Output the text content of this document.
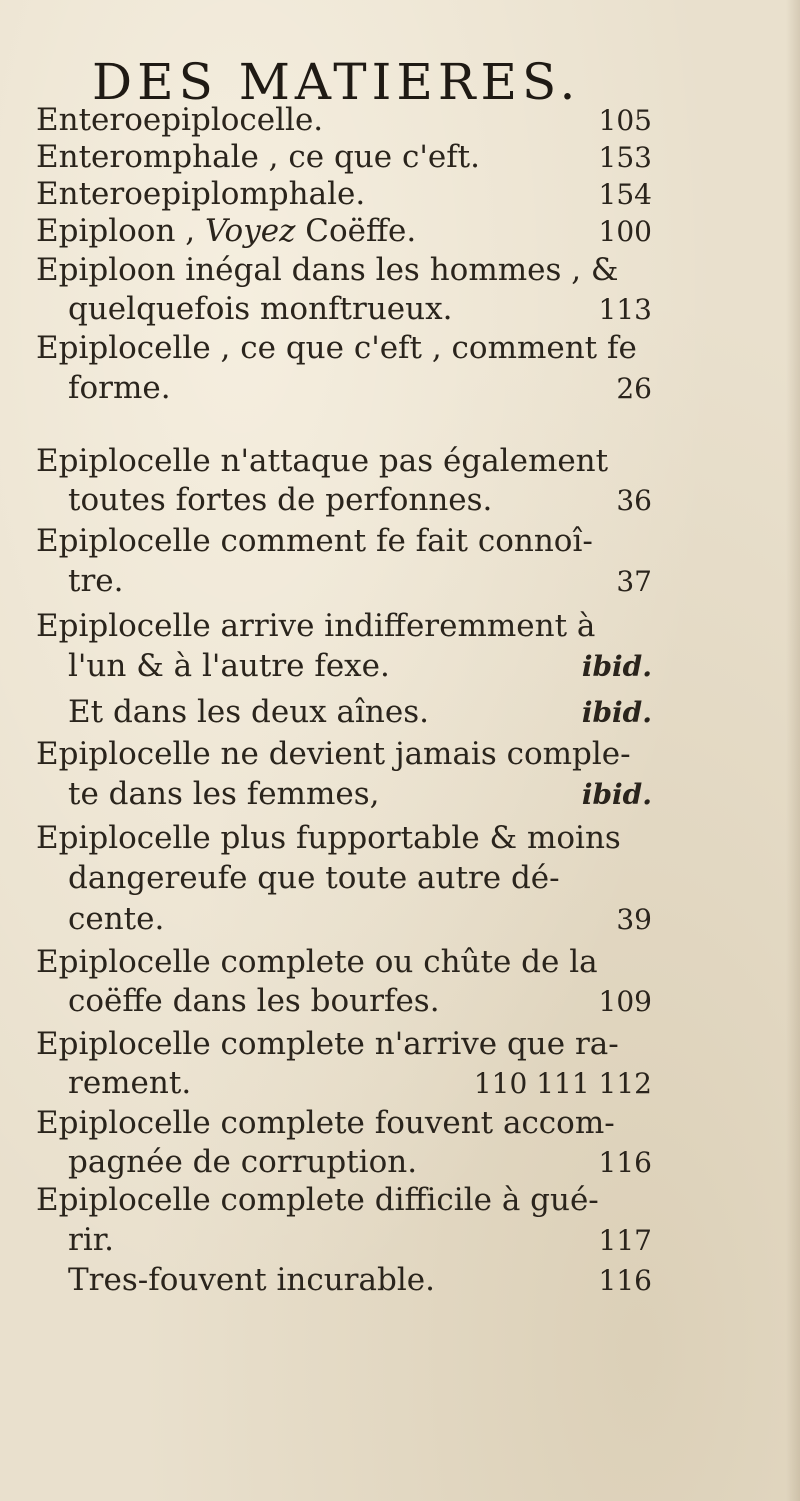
DES MATIERES.
Enteroepiplocelle.	105
Enteromphale , ce que c'eft.	153
Enteroepiplomphale.	154
Epiploon , Voyez Coëffe.	100
Epiploon inégal dans les hommes , &
quelquefois monftrueux.	113
Epiplocelle , ce que c'eft , comment fe
forme.	26
Epiplocelle n'attaque pas également
toutes fortes de perfonnes.	36
Epiplocelle comment fe fait connoî-
tre.	37
Epiplocelle arrive indifferemment à
l'un & à l'autre fexe.	ibid.
Et dans les deux aînes.	ibid.
Epiplocelle ne devient jamais comple-
te dans les femmes,	ibid.
Epiplocelle plus fupportable & moins
dangereufe que toute autre dé-
cente.	39
Epiplocelle complete ou chûte de la
coëffe dans les bourfes.	109
Epiplocelle complete n'arrive que ra-
rement.	110 111 112
Epiplocelle complete fouvent accom-
pagnée de corruption.	116
Epiplocelle complete difficile à gué-
rir.	117
Tres-fouvent incurable.	116
